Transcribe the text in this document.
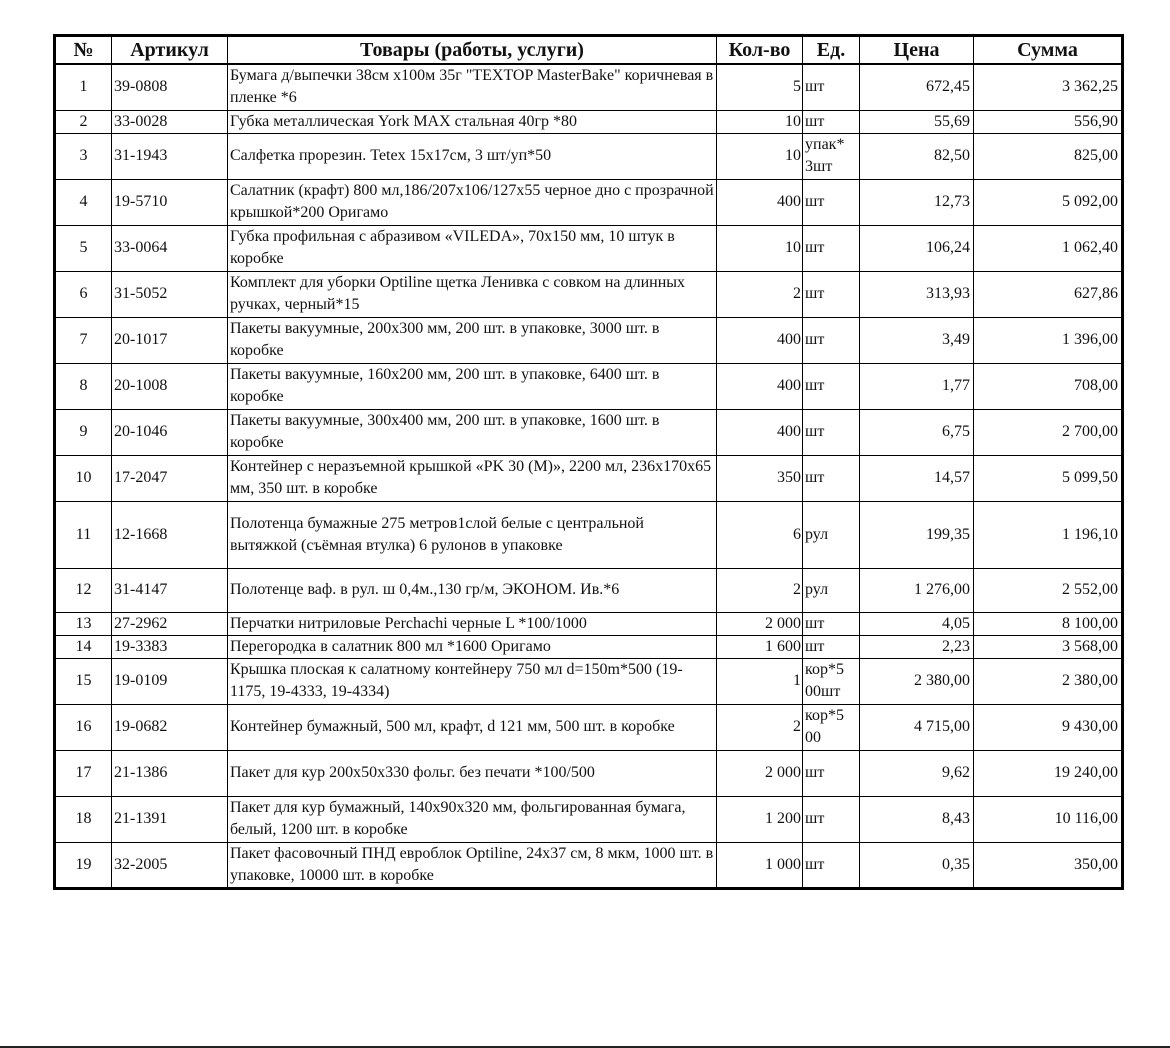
№	Артикул	Товары (работы, услуги)	Кол-во	Ед.	Цена	Сумма
1	39-0808	Бумага д/выпечки 38см х100м 35г "TEXTOP MasterBake" коричневая в пленке *6	5	шт	672,45	3 362,25
2	33-0028	Губка металлическая York MAX стальная 40гр *80	10	шт	55,69	556,90
3	31-1943	Салфетка прорезин. Tetex 15x17см, 3 шт/уп*50	10	упак* 3шт	82,50	825,00
4	19-5710	Салатник (крафт) 800 мл,186/207х106/127х55 черное дно с прозрачной крышкой*200 Оригамо	400	шт	12,73	5 092,00
5	33-0064	Губка профильная с абразивом «VILEDA», 70х150 мм, 10 штук в коробке	10	шт	106,24	1 062,40
6	31-5052	Комплект для уборки Optiline щетка Ленивка с совком на длинных ручках, черный*15	2	шт	313,93	627,86
7	20-1017	Пакеты вакуумные, 200х300 мм, 200 шт. в упаковке, 3000 шт. в коробке	400	шт	3,49	1 396,00
8	20-1008	Пакеты вакуумные, 160х200 мм, 200 шт. в упаковке, 6400 шт. в коробке	400	шт	1,77	708,00
9	20-1046	Пакеты вакуумные, 300х400 мм, 200 шт. в упаковке, 1600 шт. в коробке	400	шт	6,75	2 700,00
10	17-2047	Контейнер с неразъемной крышкой «PK 30 (M)», 2200 мл, 236х170х65 мм, 350 шт. в коробке	350	шт	14,57	5 099,50
11	12-1668	Полотенца бумажные 275 метров1слой белые с центральной вытяжкой (съёмная втулка) 6 рулонов в упаковке	6	рул	199,35	1 196,10
12	31-4147	Полотенце ваф. в рул. ш 0,4м.,130 гр/м, ЭКОНОМ. Ив.*6	2	рул	1 276,00	2 552,00
13	27-2962	Перчатки нитриловые Perchachi черные L *100/1000	2 000	шт	4,05	8 100,00
14	19-3383	Перегородка в салатник 800 мл *1600 Оригамо	1 600	шт	2,23	3 568,00
15	19-0109	Крышка плоская к салатному контейнеру 750 мл d=150m*500 (19-1175, 19-4333, 19-4334)	1	кор*5 00шт	2 380,00	2 380,00
16	19-0682	Контейнер бумажный, 500 мл, крафт, d 121 мм, 500 шт. в коробке	2	кор*5 00	4 715,00	9 430,00
17	21-1386	Пакет для кур 200х50х330 фольг. без печати *100/500	2 000	шт	9,62	19 240,00
18	21-1391	Пакет для кур бумажный, 140x90x320 мм, фольгированная бумага, белый, 1200 шт. в коробке	1 200	шт	8,43	10 116,00
19	32-2005	Пакет фасовочный ПНД евроблок Optiline, 24x37 см, 8 мкм, 1000 шт. в упаковке, 10000 шт. в коробке	1 000	шт	0,35	350,00
